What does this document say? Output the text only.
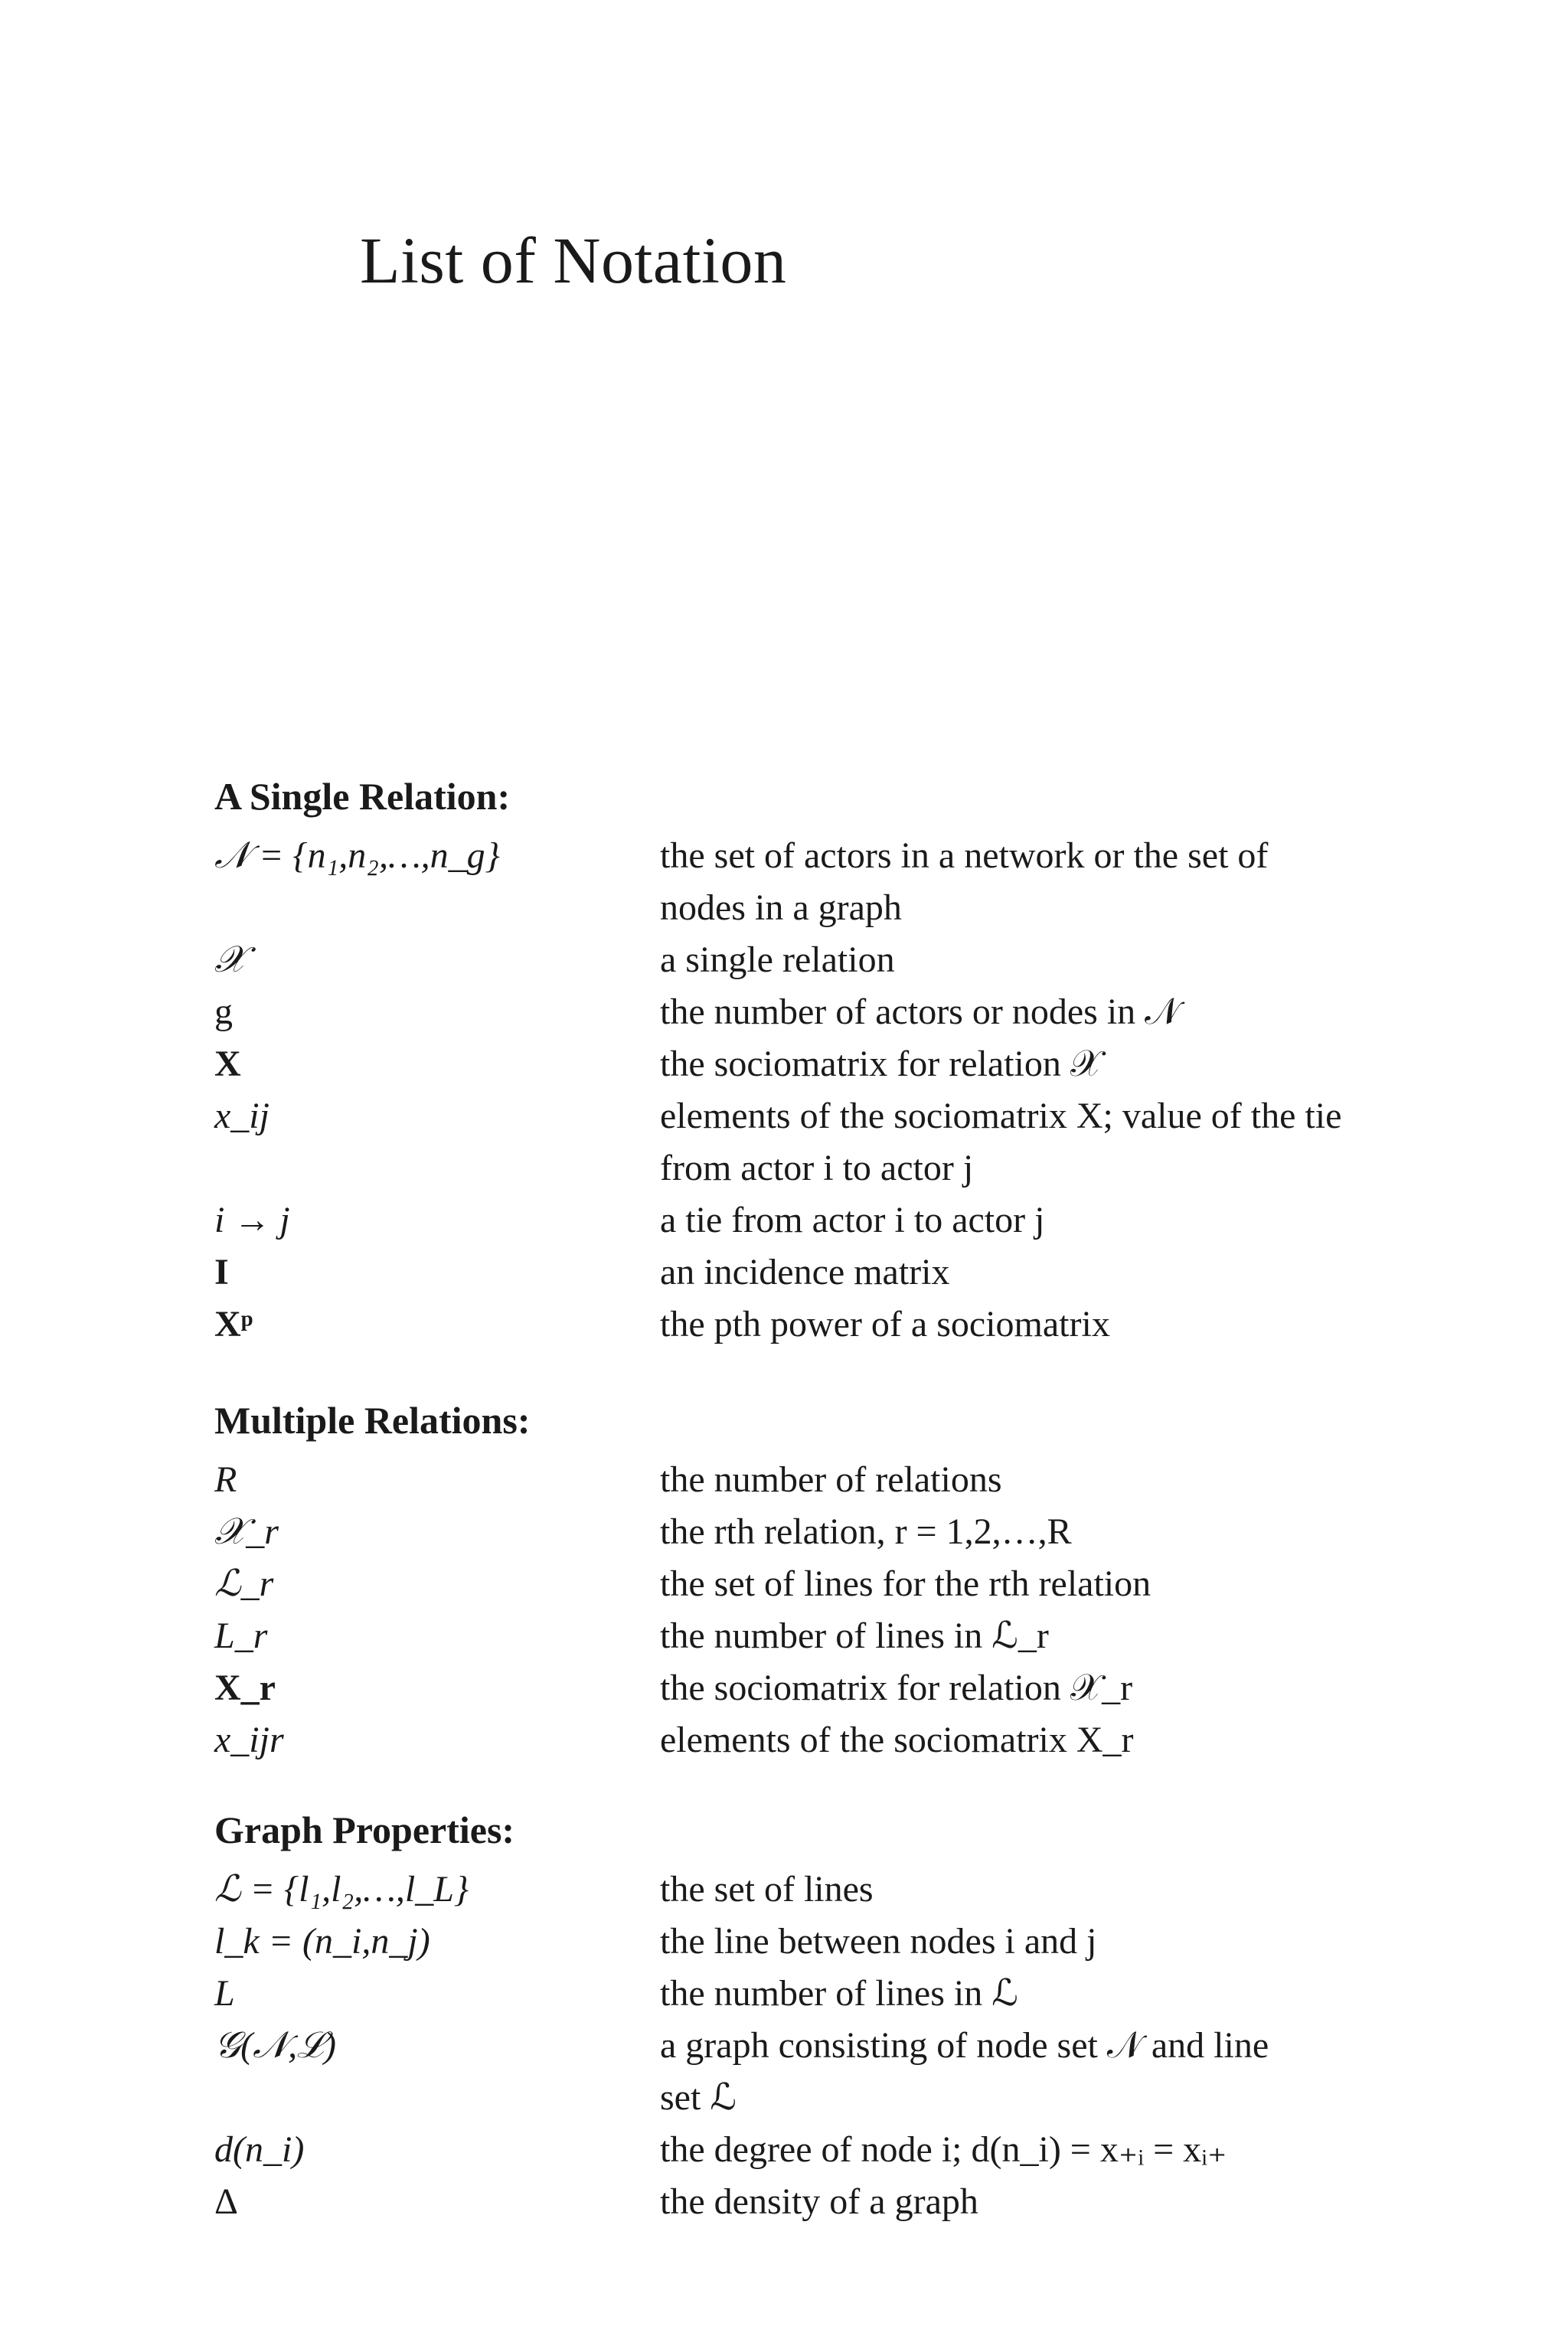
List of Notation
A Single Relation:
𝒩 = {n₁,n₂,…,n_g}	the set of actors in a network or the set of
nodes in a graph
𝒳	a single relation
g	the number of actors or nodes in 𝒩
X	the sociomatrix for relation 𝒳
x_ij	elements of the sociomatrix X; value of the tie
from actor i to actor j
i → j	a tie from actor i to actor j
I	an incidence matrix
Xᵖ	the pth power of a sociomatrix
Multiple Relations:
R	the number of relations
𝒳_r	the rth relation, r = 1,2,…,R
ℒ_r	the set of lines for the rth relation
L_r	the number of lines in ℒ_r
X_r	the sociomatrix for relation 𝒳_r
x_ijr	elements of the sociomatrix X_r
Graph Properties:
ℒ = {l₁,l₂,…,l_L}	the set of lines
l_k = (n_i,n_j)	the line between nodes i and j
L	the number of lines in ℒ
𝒢(𝒩,ℒ)	a graph consisting of node set 𝒩 and line
set ℒ
d(n_i)	the degree of node i; d(n_i) = x₊ᵢ = xᵢ₊
Δ	the density of a graph
